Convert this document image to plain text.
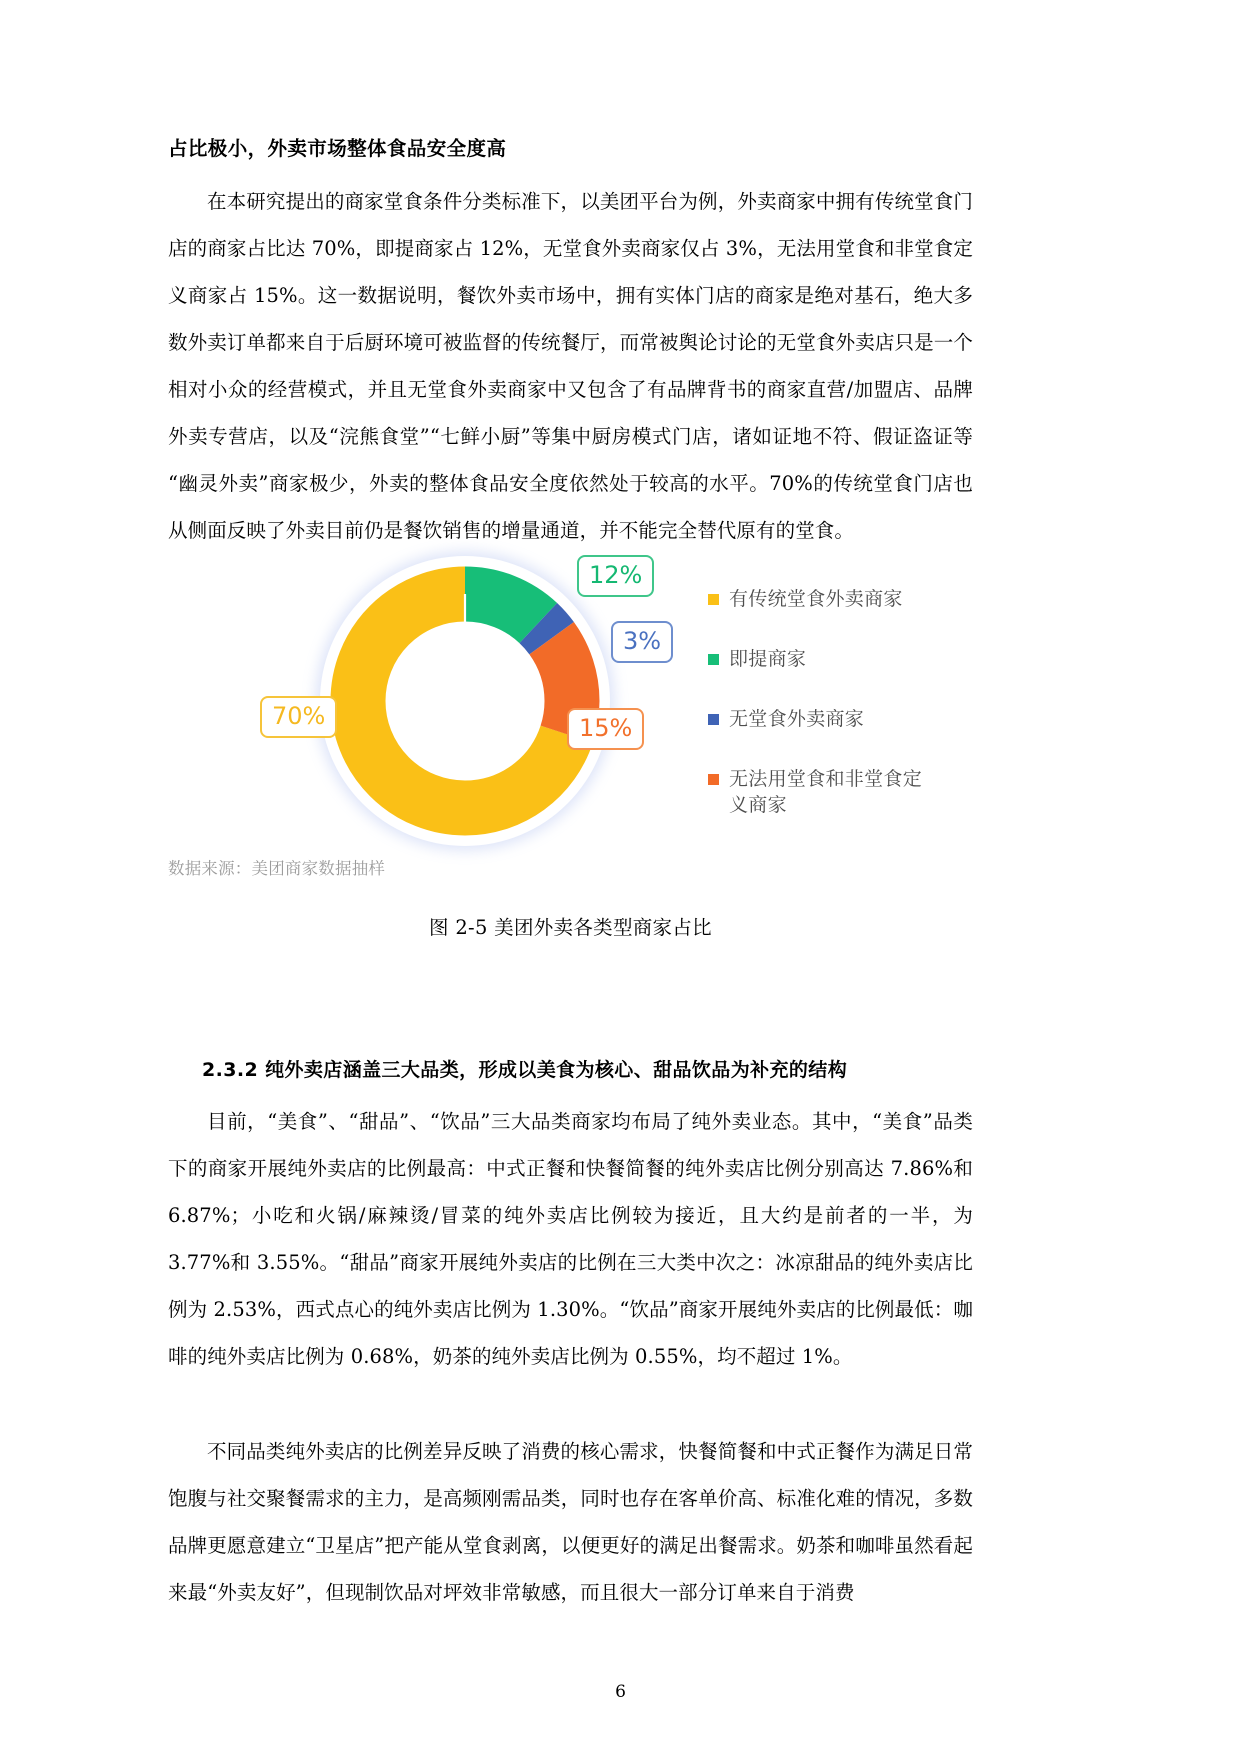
占比极小，外卖市场整体食品安全度高

在本研究提出的商家堂食条件分类标准下，以美团平台为例，外卖商家中拥有传统堂食门店的商家占比达 70%，即提商家占 12%，无堂食外卖商家仅占 3%，无法用堂食和非堂食定义商家占 15%。这一数据说明，餐饮外卖市场中，拥有实体门店的商家是绝对基石，绝大多数外卖订单都来自于后厨环境可被监督的传统餐厅，而常被舆论讨论的无堂食外卖店只是一个相对小众的经营模式，并且无堂食外卖商家中又包含了有品牌背书的商家直营/加盟店、品牌外卖专营店，以及“浣熊食堂”“七鲜小厨”等集中厨房模式门店，诸如证地不符、假证盗证等“幽灵外卖”商家极少，外卖的整体食品安全度依然处于较高的水平。70%的传统堂食门店也从侧面反映了外卖目前仍是餐饮销售的增量通道，并不能完全替代原有的堂食。

70%
12%
3%
15%
有传统堂食外卖商家
即提商家
无堂食外卖商家
无法用堂食和非堂食定义商家
数据来源：美团商家数据抽样
图 2-5 美团外卖各类型商家占比
2.3.2 纯外卖店涵盖三大品类，形成以美食为核心、甜品饮品为补充的结构

目前，“美食”、“甜品”、“饮品”三大品类商家均布局了纯外卖业态。其中，“美食”品类下的商家开展纯外卖店的比例最高：中式正餐和快餐简餐的纯外卖店比例分别高达 7.86%和 6.87%；小吃和火锅/麻辣烫/冒菜的纯外卖店比例较为接近，且大约是前者的一半，为 3.77%和 3.55%。“甜品”商家开展纯外卖店的比例在三大类中次之：冰凉甜品的纯外卖店比例为 2.53%，西式点心的纯外卖店比例为 1.30%。“饮品”商家开展纯外卖店的比例最低：咖啡的纯外卖店比例为 0.68%，奶茶的纯外卖店比例为 0.55%，均不超过 1%。

不同品类纯外卖店的比例差异反映了消费的核心需求，快餐简餐和中式正餐作为满足日常饱腹与社交聚餐需求的主力，是高频刚需品类，同时也存在客单价高、标准化难的情况，多数品牌更愿意建立“卫星店”把产能从堂食剥离，以便更好的满足出餐需求。奶茶和咖啡虽然看起来最“外卖友好”，但现制饮品对坪效非常敏感，而且很大一部分订单来自于消费

6
